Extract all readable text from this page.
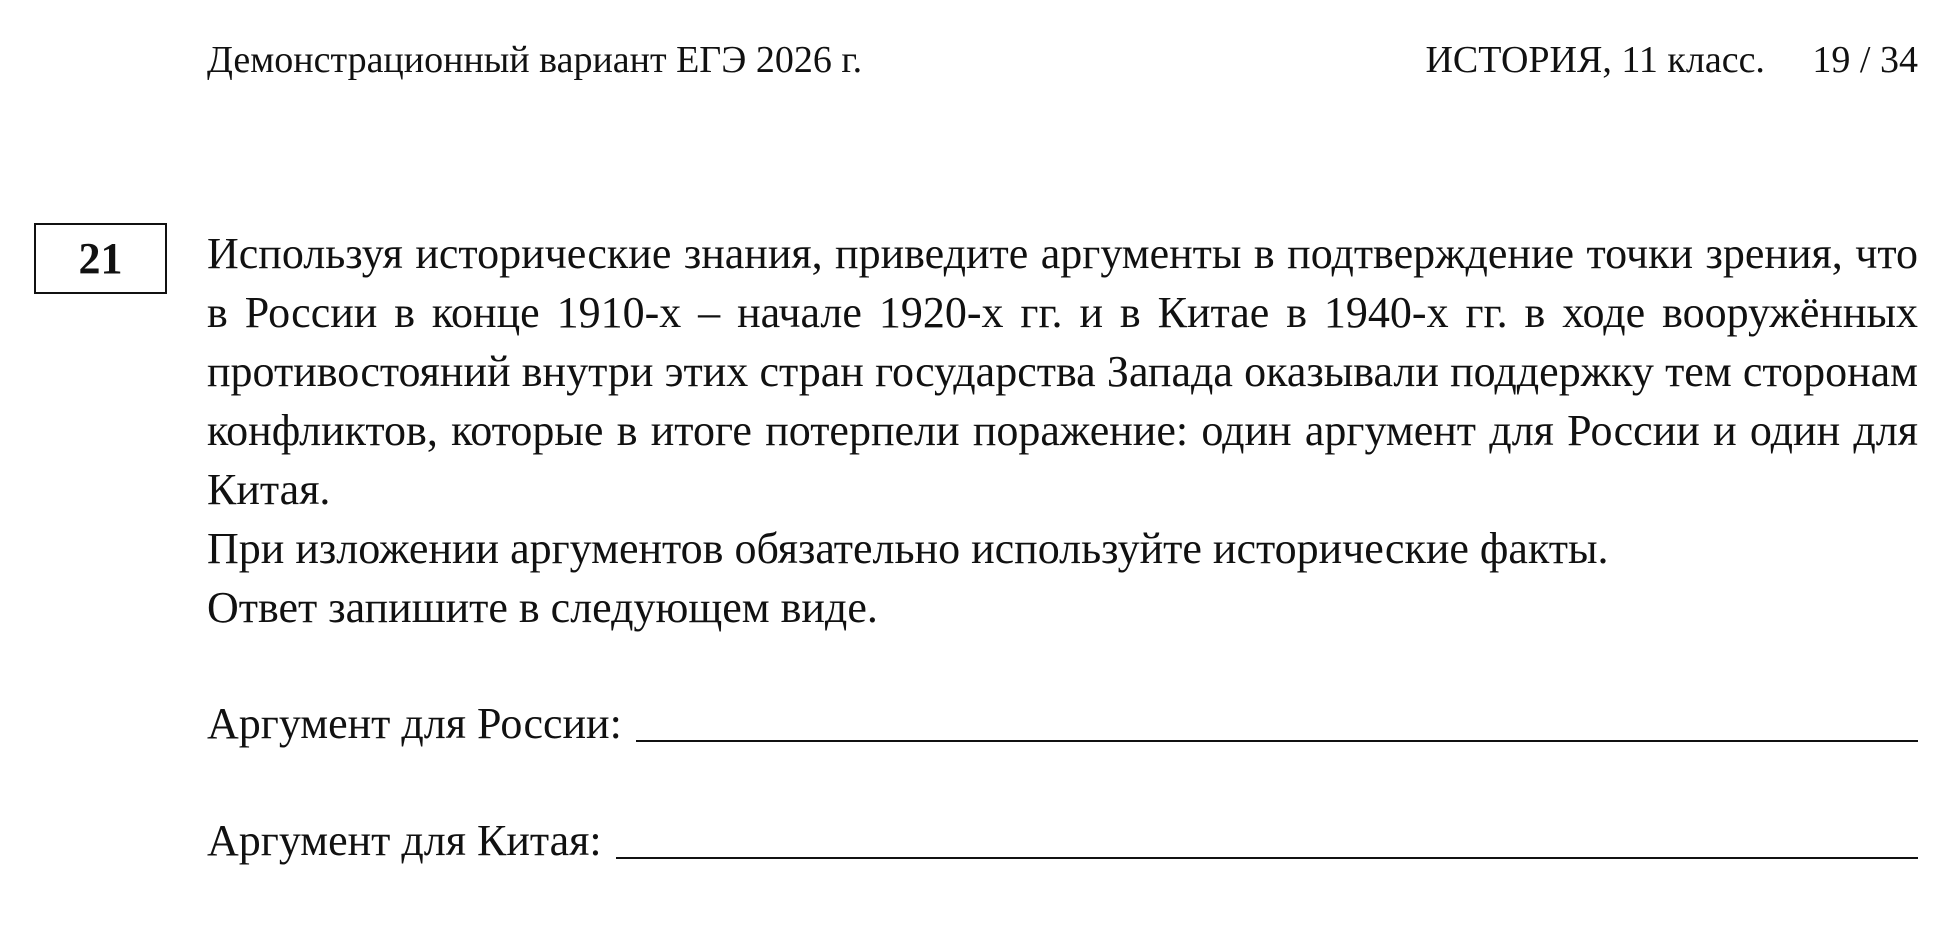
Демонстрационный вариант ЕГЭ 2026 г.	ИСТОРИЯ, 11 класс.     19 / 34
21	Используя исторические знания, приведите аргументы в подтверждение точки зрения, что в России в конце 1910-х – начале 1920-х гг. и в Китае в 1940-х гг. в ходе вооружённых противостояний внутри этих стран государства Запада оказывали поддержку тем сторонам конфликтов, которые в итоге потерпели поражение: один аргумент для России и один для Китая.

При изложении аргументов обязательно используйте исторические факты.

Ответ запишите в следующем виде.

Аргумент для России:
Аргумент для Китая:
